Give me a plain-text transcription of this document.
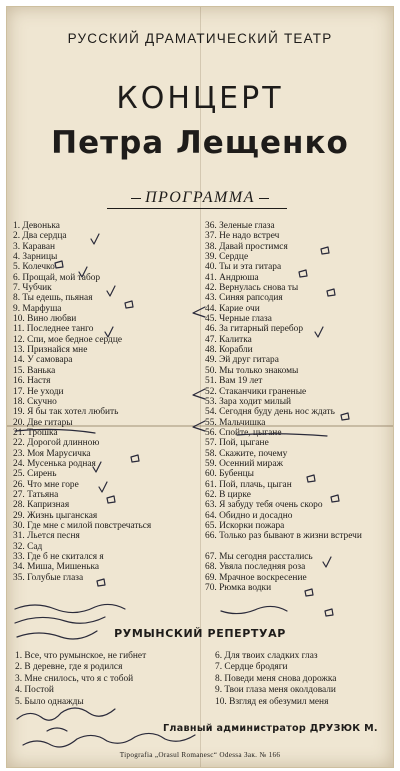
РУССКИЙ ДРАМАТИЧЕСКИЙ ТЕАТР
КОНЦЕРТ
Петра Лещенко
ПРОГРАММА
1. Девонька
2. Два сердца
3. Караван
4. Зарницы
5. Колечко
6. Прощай, мой табор
7. Чубчик
8. Ты едешь, пьяная
9. Марфуша
10. Вино любви
11. Последнее танго
12. Спи, мое бедное сердце
13. Признайся мне
14. У самовара
15. Ванька
16. Настя
17. Не уходи
18. Скучно
19. Я бы так хотел любить
20. Две гитары
21. Трошка
22. Дорогой длинною
23. Моя Марусичка
24. Мусенька родная
25. Сирень
26. Что мне горе
27. Татьяна
28. Капризная
29. Жизнь цыганская
30. Где мне с милой повстречаться
31. Льется песня
32. Сад
33. Где б не скитался я
34. Миша, Мишенька
35. Голубые глаза
36. Зеленые глаза
37. Не надо встреч
38. Давай простимся
39. Сердце
40. Ты и эта гитара
41. Андрюша
42. Вернулась снова ты
43. Синяя рапсодия
44. Карие очи
45. Черные глаза
46. За гитарный перебор
47. Калитка
48. Корабли
49. Эй друг гитара
50. Мы только знакомы
51. Вам 19 лет
52. Стаканчики граненые
53. Зара ходит милый
54. Сегодня буду день нос ждать
55. Мальчишка
56. Спойте, цыгане
57. Пой, цыгане
58. Скажите, почему
59. Осенний мираж
60. Бубенцы
61. Пой, плачь, цыган
62. В цирке
63. Я забуду тебя очень скоро
64. Обидно и досадно
65. Искорки пожара
66. Только раз бывают в жизни встречи
67. Мы сегодня расстались
68. Увяла последняя роза
69. Мрачное воскресение
70. Рюмка водки
РУМЫНСКИЙ РЕПЕРТУАР
1. Все, что румынское, не гибнет
2. В деревне, где я родился
3. Мне снилось, что я с тобой
4. Постой
5. Было однажды
6. Для твоих сладких глаз
7. Сердце бродяги
8. Поведи меня снова дорожка
9. Твои глаза меня околдовали
10. Взгляд ея обезумил меня
Главный администратор ДРУЗЮК М.
Tipografia „Orasul Romanesc“ Odessa Зак. № 166
